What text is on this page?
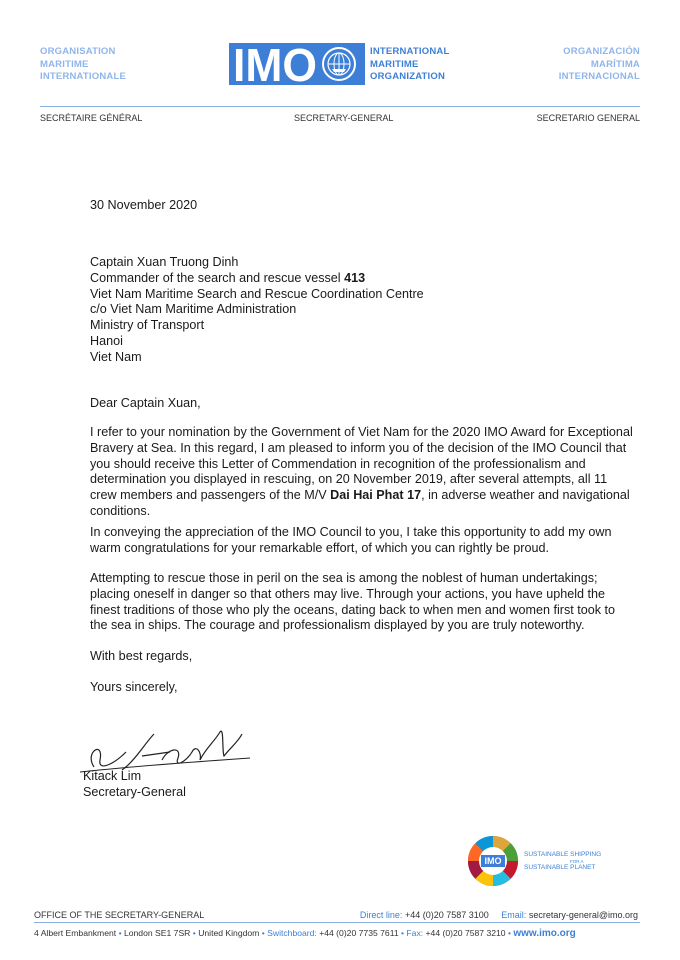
ORGANISATION
MARITIME
INTERNATIONALE IMO	INTERNATIONAL
MARITIME
ORGANIZATION
ORGANIZACIÓN
MARÍTIMA
INTERNACIONAL
SECRÉTAIRE GÉNÉRAL	SECRETARY-GENERAL	SECRETARIO GENERAL
30 November 2020
Captain Xuan Truong Dinh
Commander of the search and rescue vessel 413
Viet Nam Maritime Search and Rescue Coordination Centre
c/o Viet Nam Maritime Administration
Ministry of Transport
Hanoi
Viet Nam
Dear Captain Xuan,

I refer to your nomination by the Government of Viet Nam for the 2020 IMO Award for Exceptional Bravery at Sea. In this regard, I am pleased to inform you of the decision of the IMO Council that you should receive this Letter of Commendation in recognition of the professionalism and determination you displayed in rescuing, on 20 November 2019, after several attempts, all 11 crew members and passengers of the M/V Dai Hai Phat 17, in adverse weather and navigational conditions.

In conveying the appreciation of the IMO Council to you, I take this opportunity to add my own warm congratulations for your remarkable effort, of which you can rightly be proud.

Attempting to rescue those in peril on the sea is among the noblest of human undertakings; placing oneself in danger so that others may live. Through your actions, you have upheld the finest traditions of those who ply the oceans, dating back to when men and women first took to the sea in ships. The courage and professionalism displayed by you are truly noteworthy.

With best regards,
Yours sincerely,
Kitack Lim
Secretary-General
IMO
SUSTAINABLE SHIPPING
FOR A
SUSTAINABLE PLANET
OFFICE OF THE SECRETARY-GENERAL	Direct line: +44 (0)20 7587 3100 Email: secretary-general@imo.org
4 Albert Embankment • London SE1 7SR • United Kingdom • Switchboard: +44 (0)20 7735 7611 • Fax: +44 (0)20 7587 3210 • www.imo.org
